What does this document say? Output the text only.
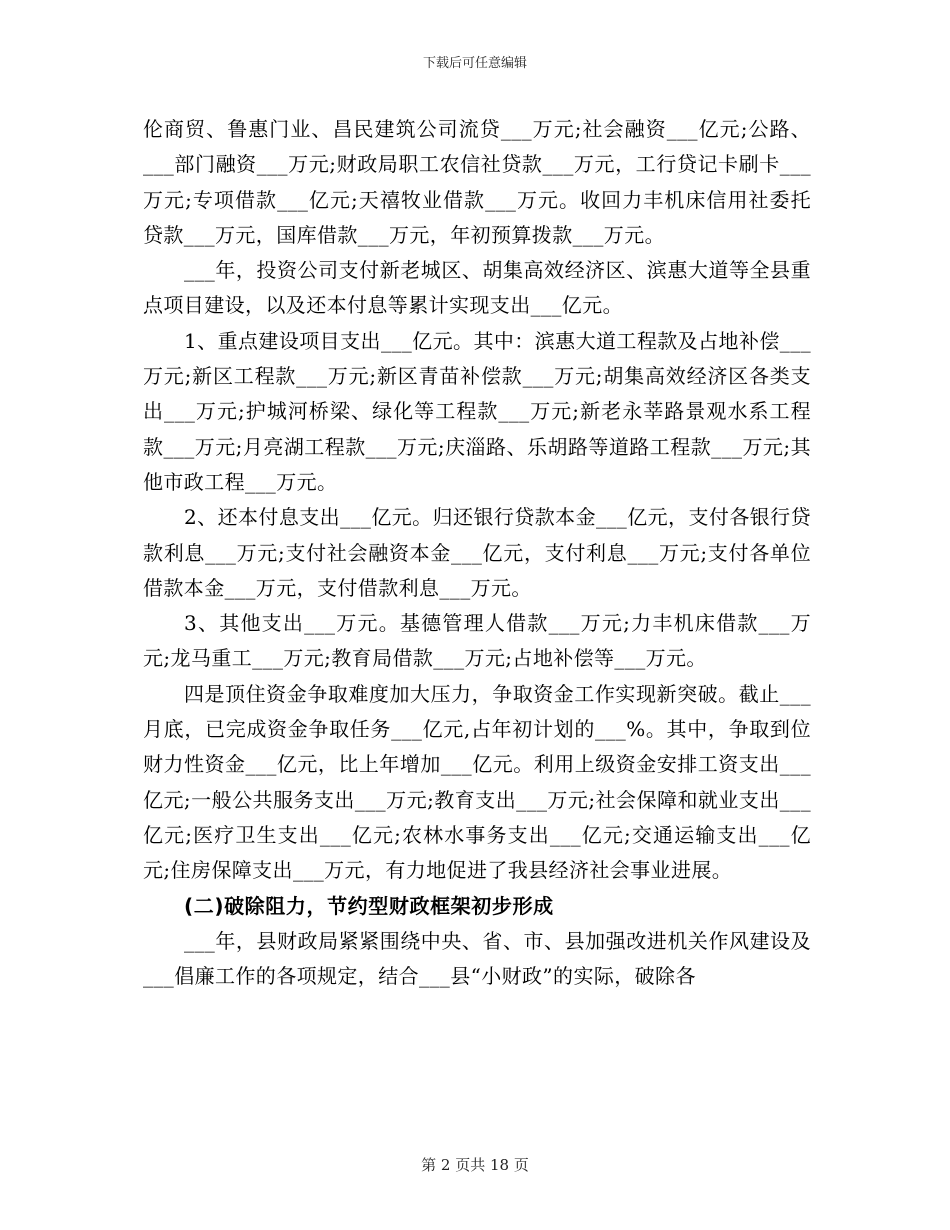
下载后可任意编辑

伦商贸、鲁惠门业、昌民建筑公司流贷___万元;社会融资___亿元;公路、___部门融资___万元;财政局职工农信社贷款___万元，工行贷记卡刷卡___万元;专项借款___亿元;天禧牧业借款___万元。收回力丰机床信用社委托贷款___万元，国库借款___万元，年初预算拨款___万元。

___年，投资公司支付新老城区、胡集高效经济区、滨惠大道等全县重点项目建设，以及还本付息等累计实现支出___亿元。

1、重点建设项目支出___亿元。其中：滨惠大道工程款及占地补偿___万元;新区工程款___万元;新区青苗补偿款___万元;胡集高效经济区各类支出___万元;护城河桥梁、绿化等工程款___万元;新老永莘路景观水系工程款___万元;月亮湖工程款___万元;庆淄路、乐胡路等道路工程款___万元;其他市政工程___万元。

2、还本付息支出___亿元。归还银行贷款本金___亿元，支付各银行贷款利息___万元;支付社会融资本金___亿元，支付利息___万元;支付各单位借款本金___万元，支付借款利息___万元。

3、其他支出___万元。基德管理人借款___万元;力丰机床借款___万元;龙马重工___万元;教育局借款___万元;占地补偿等___万元。

四是顶住资金争取难度加大压力，争取资金工作实现新突破。截止___月底，已完成资金争取任务___亿元,占年初计划的___%。其中，争取到位财力性资金___亿元，比上年增加___亿元。利用上级资金安排工资支出___亿元;一般公共服务支出___万元;教育支出___万元;社会保障和就业支出___亿元;医疗卫生支出___亿元;农林水事务支出___亿元;交通运输支出___亿元;住房保障支出___万元，有力地促进了我县经济社会事业进展。

(二)破除阻力，节约型财政框架初步形成

___年，县财政局紧紧围绕中央、省、市、县加强改进机关作风建设及___倡廉工作的各项规定，结合___县“小财政”的实际，破除各

第 2 页共 18 页
